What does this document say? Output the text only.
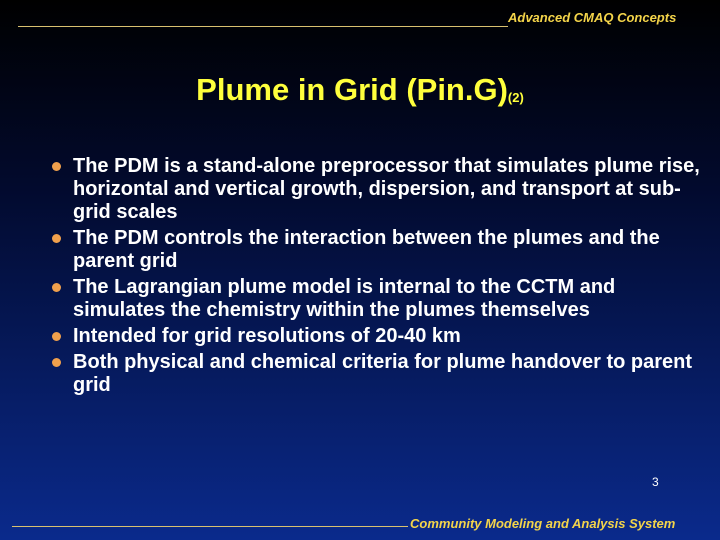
Advanced CMAQ Concepts
Plume in Grid (Pin.G)(2)
The PDM is a stand-alone preprocessor that simulates plume rise, horizontal and vertical growth, dispersion, and transport at sub-grid scales
The PDM controls the interaction between the plumes and the parent grid
The Lagrangian plume model is internal to the CCTM and simulates the chemistry within the plumes themselves
Intended for grid resolutions of 20-40 km
Both physical and chemical criteria for plume handover to parent grid
3
Community Modeling and Analysis System
